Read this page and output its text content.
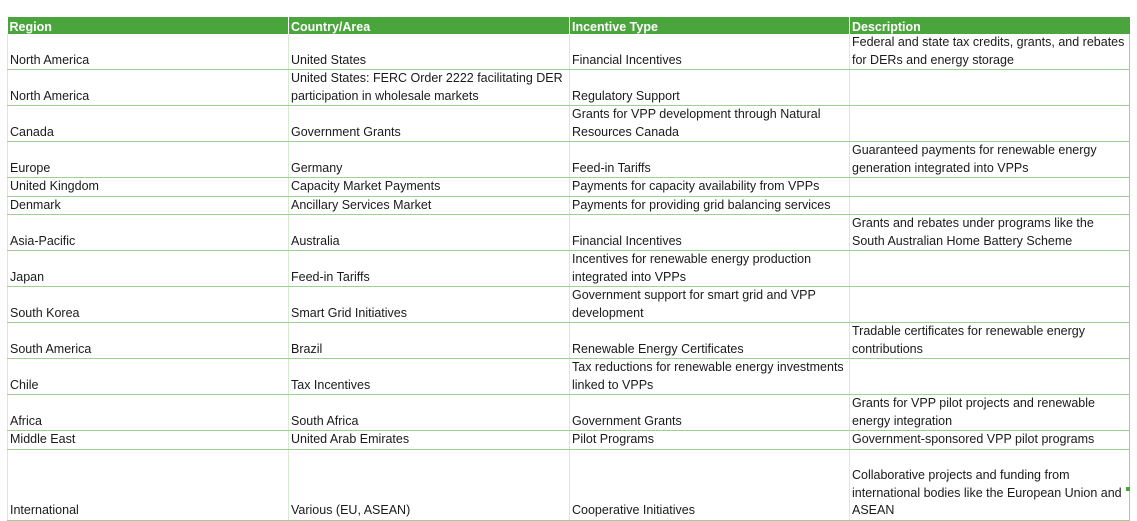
Region	Country/Area	Incentive Type	Description
North America	United States	Financial Incentives	Federal and state tax credits, grants, and rebates for DERs and energy storage
North America	United States: FERC Order 2222 facilitating DER participation in wholesale markets	Regulatory Support	
Canada	Government Grants	Grants for VPP development through Natural Resources Canada	
Europe	Germany	Feed-in Tariffs	Guaranteed payments for renewable energy generation integrated into VPPs
United Kingdom	Capacity Market Payments	Payments for capacity availability from VPPs	
Denmark	Ancillary Services Market	Payments for providing grid balancing services	
Asia-Pacific	Australia	Financial Incentives	Grants and rebates under programs like the South Australian Home Battery Scheme
Japan	Feed-in Tariffs	Incentives for renewable energy production integrated into VPPs	
South Korea	Smart Grid Initiatives	Government support for smart grid and VPP development	
South America	Brazil	Renewable Energy Certificates	Tradable certificates for renewable energy contributions
Chile	Tax Incentives	Tax reductions for renewable energy investments linked to VPPs	
Africa	South Africa	Government Grants	Grants for VPP pilot projects and renewable energy integration
Middle East	United Arab Emirates	Pilot Programs	Government-sponsored VPP pilot programs
International	Various (EU, ASEAN)	Cooperative Initiatives	Collaborative projects and funding from international bodies like the European Union and ASEAN
